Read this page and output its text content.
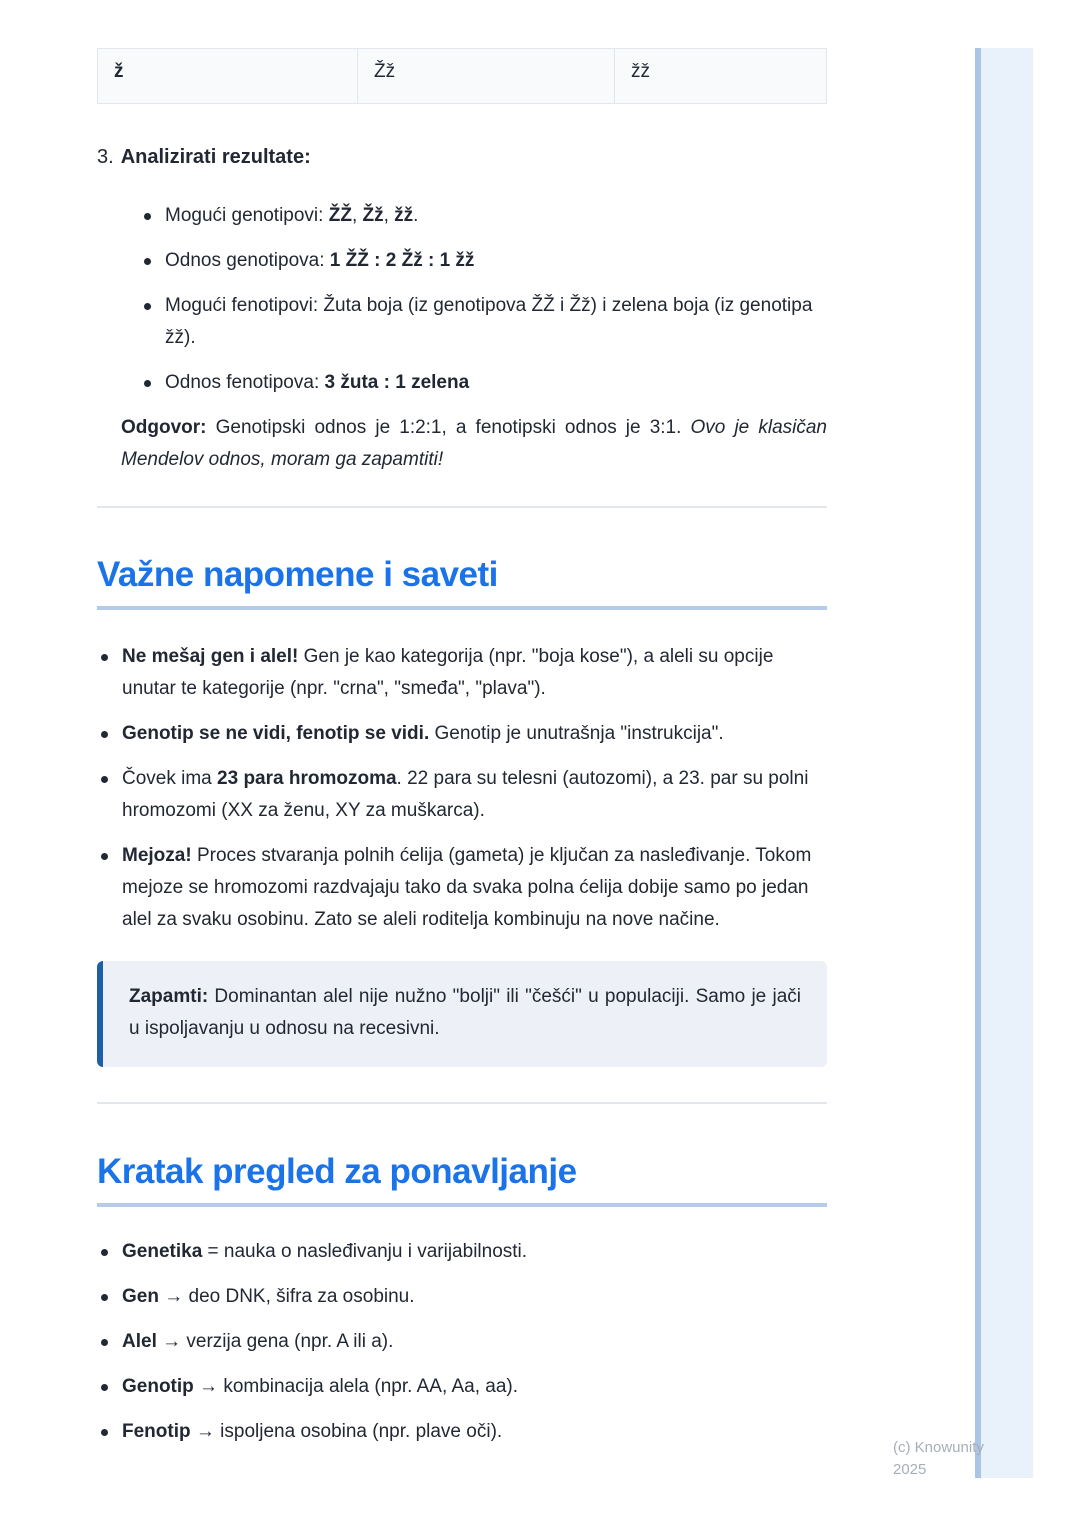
ž	Žž	žž
3. Analizirati rezultate:
Mogući genotipovi: ŽŽ, Žž, žž.
Odnos genotipova: 1 ŽŽ : 2 Žž : 1 žž
Mogući fenotipovi: Žuta boja (iz genotipova ŽŽ i Žž) i zelena boja (iz genotipa žž).
Odnos fenotipova: 3 žuta : 1 zelena

Odgovor: Genotipski odnos je 1:2:1, a fenotipski odnos je 3:1. Ovo je klasičan Mendelov odnos, moram ga zapamtiti!

Važne napomene i saveti
Ne mešaj gen i alel! Gen je kao kategorija (npr. "boja kose"), a aleli su opcije unutar te kategorije (npr. "crna", "smeđa", "plava").
Genotip se ne vidi, fenotip se vidi. Genotip je unutrašnja "instrukcija".
Čovek ima 23 para hromozoma. 22 para su telesni (autozomi), a 23. par su polni hromozomi (XX za ženu, XY za muškarca).
Mejoza! Proces stvaranja polnih ćelija (gameta) je ključan za nasleđivanje. Tokom mejoze se hromozomi razdvajaju tako da svaka polna ćelija dobije samo po jedan alel za svaku osobinu. Zato se aleli roditelja kombinuju na nove načine.

Zapamti: Dominantan alel nije nužno "bolji" ili "češći" u populaciji. Samo je jači u ispoljavanju u odnosu na recesivni.

Kratak pregled za ponavljanje
Genetika = nauka o nasleđivanju i varijabilnosti.
Gen → deo DNK, šifra za osobinu.
Alel → verzija gena (npr. A ili a).
Genotip → kombinacija alela (npr. AA, Aa, aa).
Fenotip → ispoljena osobina (npr. plave oči).
(c) Knowunity 2025
